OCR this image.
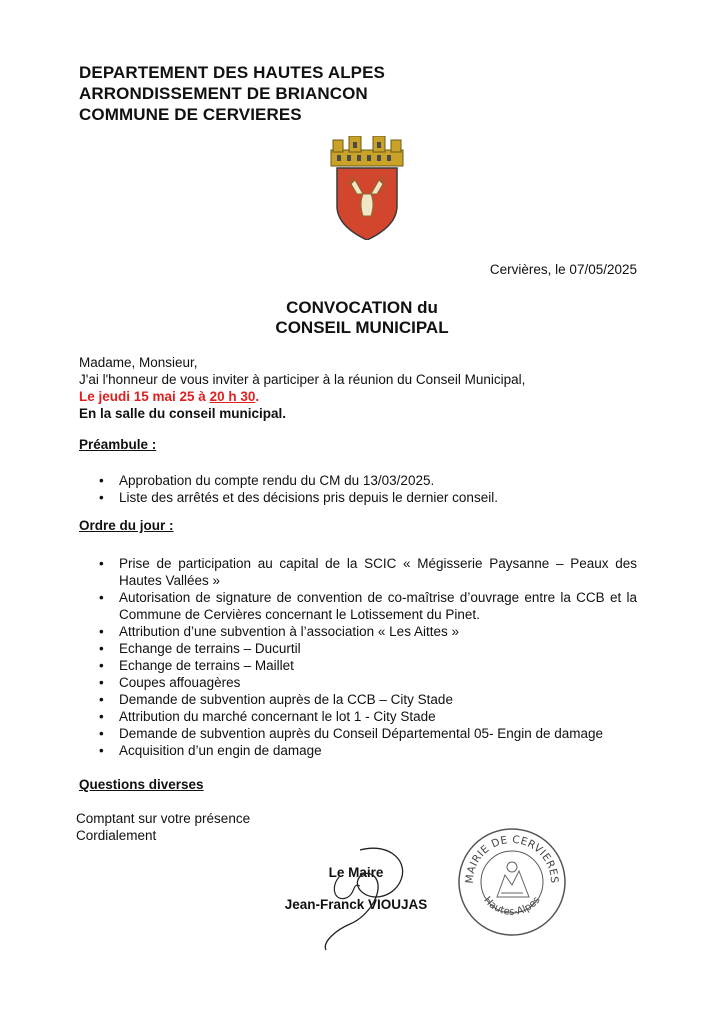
DEPARTEMENT DES HAUTES ALPES
ARRONDISSEMENT DE BRIANCON
COMMUNE DE CERVIERES
Cervières, le 07/05/2025
CONVOCATION du
CONSEIL MUNICIPAL
Madame, Monsieur,
J'ai l'honneur de vous inviter à participer à la réunion du Conseil Municipal,
Le jeudi 15 mai 25 à 20 h 30.
En la salle du conseil municipal.
Préambule :
• Approbation du compte rendu du CM du 13/03/2025.
• Liste des arrêtés et des décisions pris depuis le dernier conseil.
Ordre du jour :
• Prise de participation au capital de la SCIC « Mégisserie Paysanne – Peaux des Hautes Vallées »
• Autorisation de signature de convention de co-maîtrise d’ouvrage entre la CCB et la Commune de Cervières concernant le Lotissement du Pinet.
• Attribution d’une subvention à l’association « Les Aittes »
• Echange de terrains – Ducurtil
• Echange de terrains – Maillet
• Coupes affouagères
• Demande de subvention auprès de la CCB – City Stade
• Attribution du marché concernant le lot 1 - City Stade
• Demande de subvention auprès du Conseil Départemental 05- Engin de damage
• Acquisition d’un engin de damage
Questions diverses
Comptant sur votre présence
Cordialement
Le Maire
Jean-Franck VIOUJAS
MAIRIE DE CERVIERES
Hautes-Alpes
